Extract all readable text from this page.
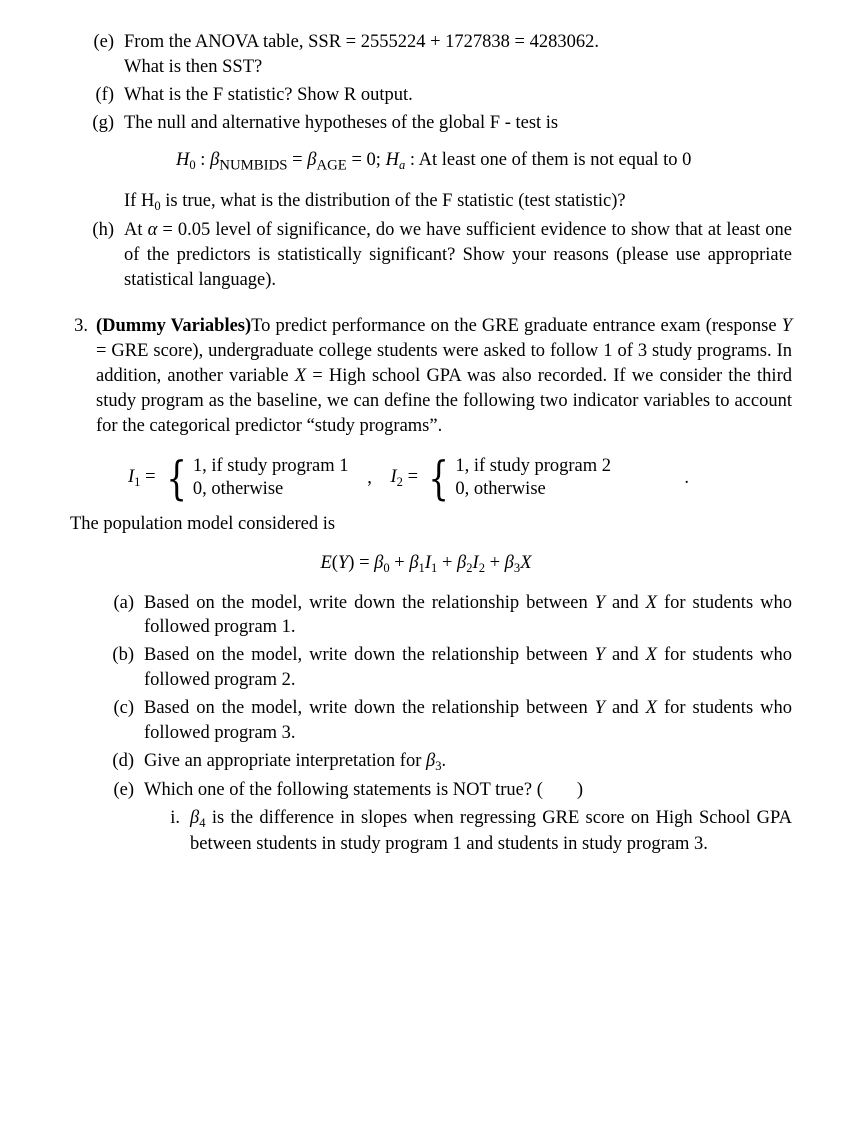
(e) From the ANOVA table, SSR = 2555224 + 1727838 = 4283062.
What is then SST?
(f) What is the F statistic? Show R output.
(g) The null and alternative hypotheses of the global F - test is
$H_0$ : $\beta_{NUMBIDS} = \beta_{AGE} = 0$; $H_a$ : At least one of them is not equal to 0
If $H_0$ is true, what is the distribution of the F statistic (test statistic)?
(h) At α = 0.05 level of significance, do we have sufficient evidence to show that at least one of the predictors is statistically significant? Show your reasons (please use appropriate statistical language).
3. (Dummy Variables)To predict performance on the GRE graduate entrance exam (response Y = GRE score), undergraduate college students were asked to follow 1 of 3 study programs. In addition, another variable X = High school GPA was also recorded. If we consider the third study program as the baseline, we can define the following two indicator variables to account for the categorical predictor “study programs”.
$I_1$ = { 1, if study program 1
0, otherwise
,	$I_2$ = { 1, if study program 2
0, otherwise
.
The population model considered is
$E(Y) = \beta_0 + \beta_1I_1 + \beta_2I_2 + \beta_3X$
(a) Based on the model, write down the relationship between Y and X for students who followed program 1.
(b) Based on the model, write down the relationship between Y and X for students who followed program 2.
(c) Based on the model, write down the relationship between Y and X for students who followed program 3.
(d) Give an appropriate interpretation for $\beta_3$.
(e) Which one of the following statements is NOT true? ( )
i. $\beta_4$ is the difference in slopes when regressing GRE score on High School GPA between students in study program 1 and students in study program 3.
